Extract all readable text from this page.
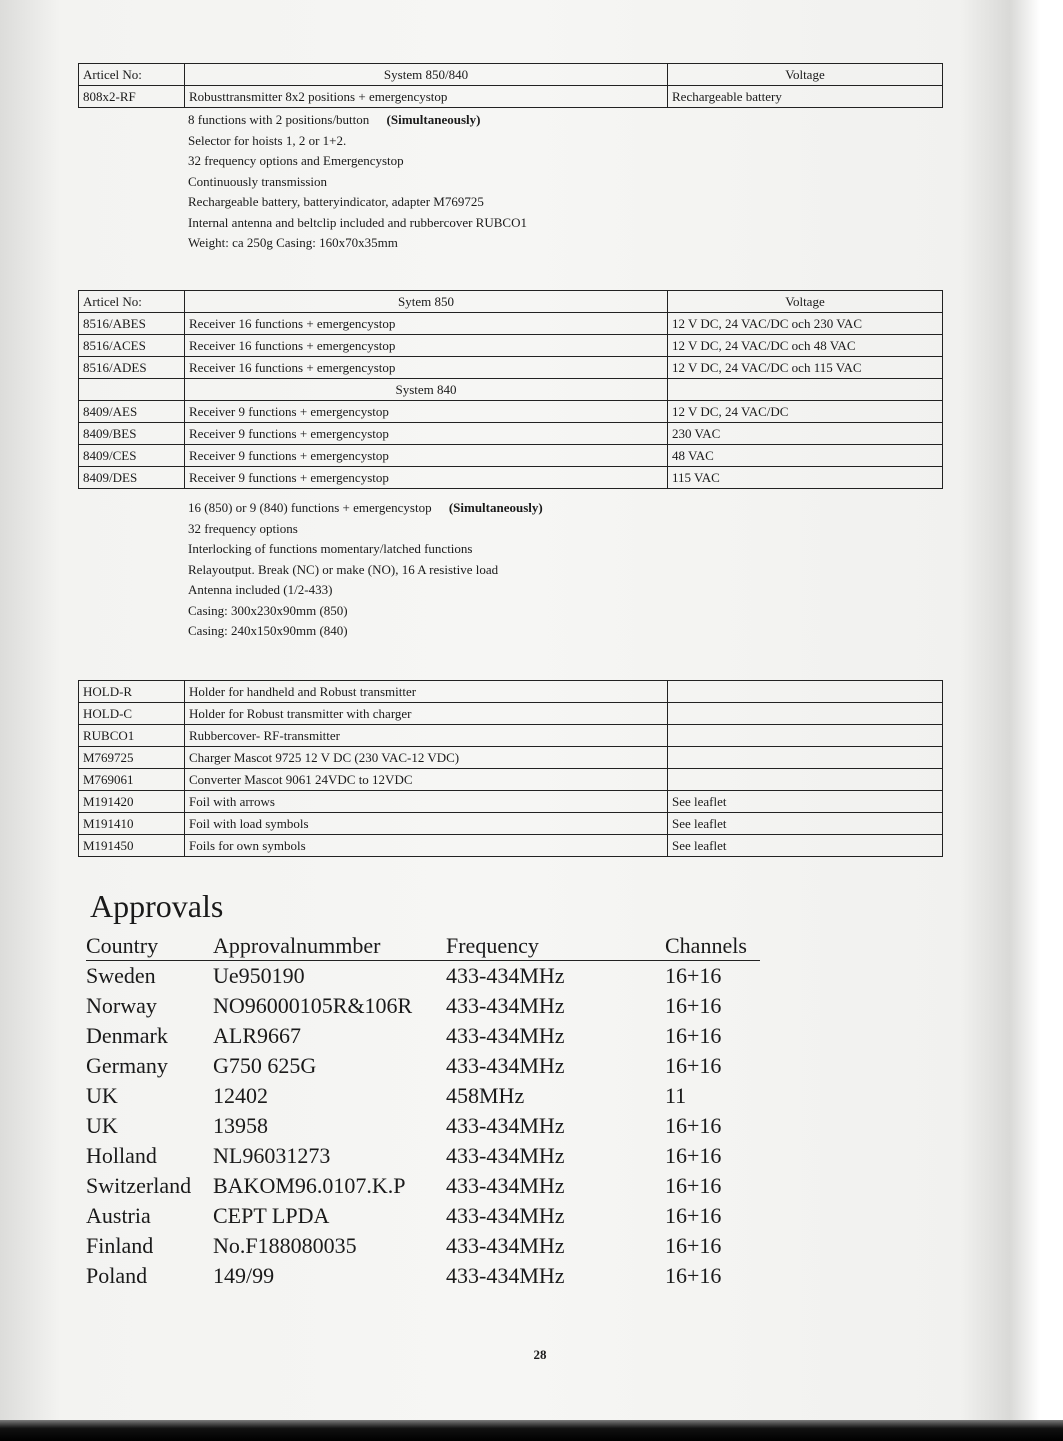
Articel No:	System 850/840	Voltage
808x2-RF	Robusttransmitter 8x2 positions + emergencystop	Rechargeable battery
8 functions with 2 positions/button (Simultaneously)
Selector for hoists 1, 2 or 1+2.
32 frequency options and Emergencystop
Continuously transmission
Rechargeable battery, batteryindicator, adapter M769725
Internal antenna and beltclip included and rubbercover RUBCO1
Weight: ca 250g Casing: 160x70x35mm
Articel No:	Sytem 850	Voltage
8516/ABES	Receiver 16 functions + emergencystop	12 V DC, 24 VAC/DC och 230 VAC
8516/ACES	Receiver 16 functions + emergencystop	12 V DC, 24 VAC/DC och 48 VAC
8516/ADES	Receiver 16 functions + emergencystop	12 V DC, 24 VAC/DC och 115 VAC
	System 840	
8409/AES	Receiver 9 functions + emergencystop	12 V DC, 24 VAC/DC
8409/BES	Receiver 9 functions + emergencystop	230 VAC
8409/CES	Receiver 9 functions + emergencystop	48 VAC
8409/DES	Receiver 9 functions + emergencystop	115 VAC
16 (850) or 9 (840) functions + emergencystop (Simultaneously)
32 frequency options
Interlocking of functions momentary/latched functions
Relayoutput. Break (NC) or make (NO), 16 A resistive load
Antenna included (1/2-433)
Casing: 300x230x90mm (850)
Casing: 240x150x90mm (840)
HOLD-R	Holder for handheld and Robust transmitter	
HOLD-C	Holder for Robust transmitter with charger	
RUBCO1	Rubbercover- RF-transmitter	
M769725	Charger Mascot 9725 12 V DC (230 VAC-12 VDC)	
M769061	Converter Mascot 9061 24VDC to 12VDC	
M191420	Foil with arrows	See leaflet
M191410	Foil with load symbols	See leaflet
M191450	Foils for own symbols	See leaflet
Approvals
Country	Approvalnummber	Frequency	Channels
Sweden	Ue950190	433-434MHz	16+16
Norway	NO96000105R&106R	433-434MHz	16+16
Denmark	ALR9667	433-434MHz	16+16
Germany	G750 625G	433-434MHz	16+16
UK	12402	458MHz	11
UK	13958	433-434MHz	16+16
Holland	NL96031273	433-434MHz	16+16
Switzerland	BAKOM96.0107.K.P	433-434MHz	16+16
Austria	CEPT LPDA	433-434MHz	16+16
Finland	No.F188080035	433-434MHz	16+16
Poland	149/99	433-434MHz	16+16
28
